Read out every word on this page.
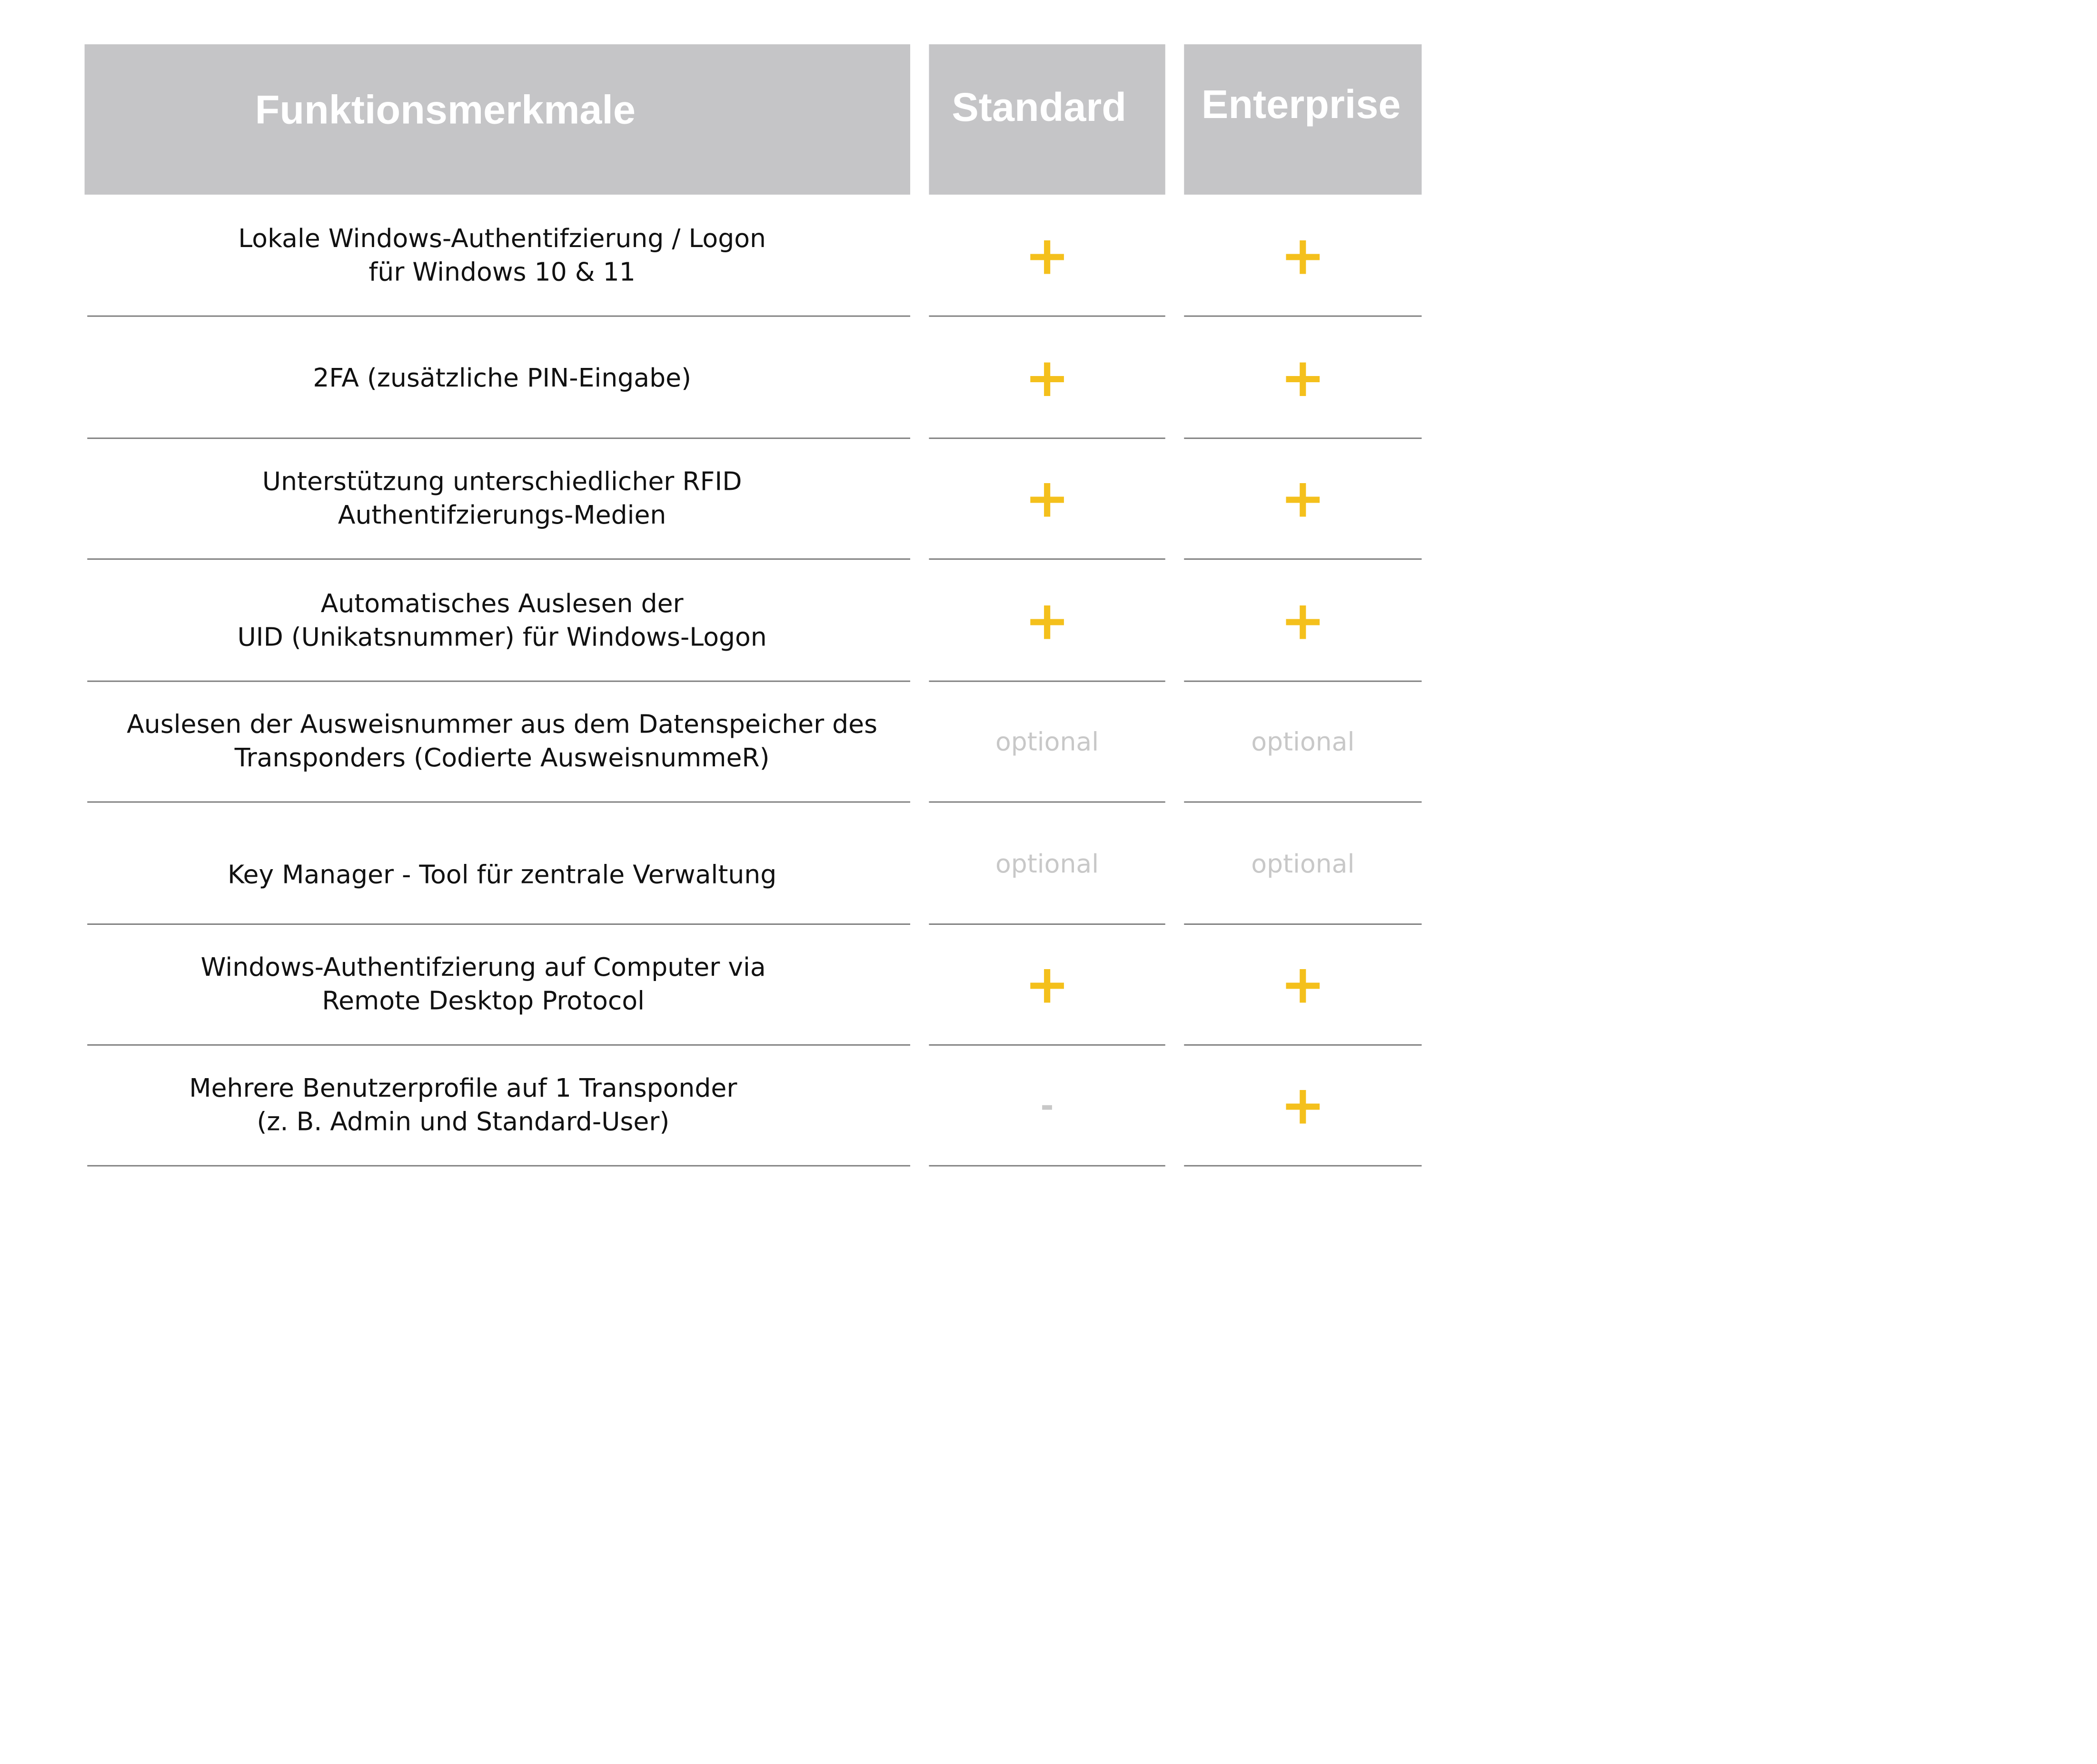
Funktionsmerkmale	Standard	Enterprise
Lokale Windows-Authentifzierung / Logon
für Windows 10 & 11	+	+
2FA (zusätzliche PIN-Eingabe)	+	+
Unterstützung unterschiedlicher RFID
Authentifzierungs-Medien	+	+
Automatisches Auslesen der
UID (Unikatsnummer) für Windows-Logon	+	+
Auslesen der Ausweisnummer aus dem Datenspeicher des
Transponders (Codierte AusweisnummeR)
optional	optional
Key Manager - Tool für zentrale Verwaltung	optional	optional
Windows-Authentifzierung auf Computer via
Remote Desktop Protocol	+	+
Mehrere Benutzerprofile auf 1 Transponder
(z. B. Admin und Standard-User)	-	+
